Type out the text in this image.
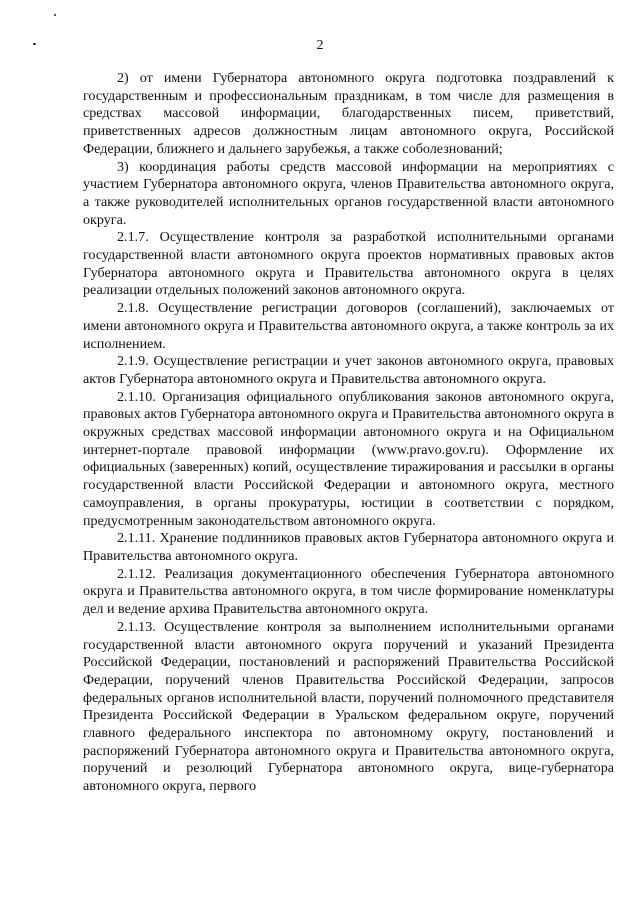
2

2) от имени Губернатора автономного округа подготовка поздравлений к государственным и профессиональным праздникам, в том числе для размещения в средствах массовой информации, благодарственных писем, приветствий, приветственных адресов должностным лицам автономного округа, Российской Федерации, ближнего и дальнего зарубежья, а также соболезнований;

3) координация работы средств массовой информации на мероприятиях с участием Губернатора автономного округа, членов Правительства автономного округа, а также руководителей исполнительных органов государственной власти автономного округа.

2.1.7. Осуществление контроля за разработкой исполнительными органами государственной власти автономного округа проектов нормативных правовых актов Губернатора автономного округа и Правительства автономного округа в целях реализации отдельных положений законов автономного округа.

2.1.8. Осуществление регистрации договоров (соглашений), заключаемых от имени автономного округа и Правительства автономного округа, а также контроль за их исполнением.

2.1.9. Осуществление регистрации и учет законов автономного округа, правовых актов Губернатора автономного округа и Правительства автономного округа.

2.1.10. Организация официального опубликования законов автономного округа, правовых актов Губернатора автономного округа и Правительства автономного округа в окружных средствах массовой информации автономного округа и на Официальном интернет-портале правовой информации (www.pravo.gov.ru). Оформление их официальных (заверенных) копий, осуществление тиражирования и рассылки в органы государственной власти Российской Федерации и автономного округа, местного самоуправления, в органы прокуратуры, юстиции в соответствии с порядком, предусмотренным законодательством автономного округа.

2.1.11. Хранение подлинников правовых актов Губернатора автономного округа и Правительства автономного округа.

2.1.12. Реализация документационного обеспечения Губернатора автономного округа и Правительства автономного округа, в том числе формирование номенклатуры дел и ведение архива Правительства автономного округа.

2.1.13. Осуществление контроля за выполнением исполнительными органами государственной власти автономного округа поручений и указаний Президента Российской Федерации, постановлений и распоряжений Правительства Российской Федерации, поручений членов Правительства Российской Федерации, запросов федеральных органов исполнительной власти, поручений полномочного представителя Президента Российской Федерации в Уральском федеральном округе, поручений главного федерального инспектора по автономному округу, постановлений и распоряжений Губернатора автономного округа и Правительства автономного округа, поручений и резолюций Губернатора автономного округа, вице-губернатора автономного округа, первого
